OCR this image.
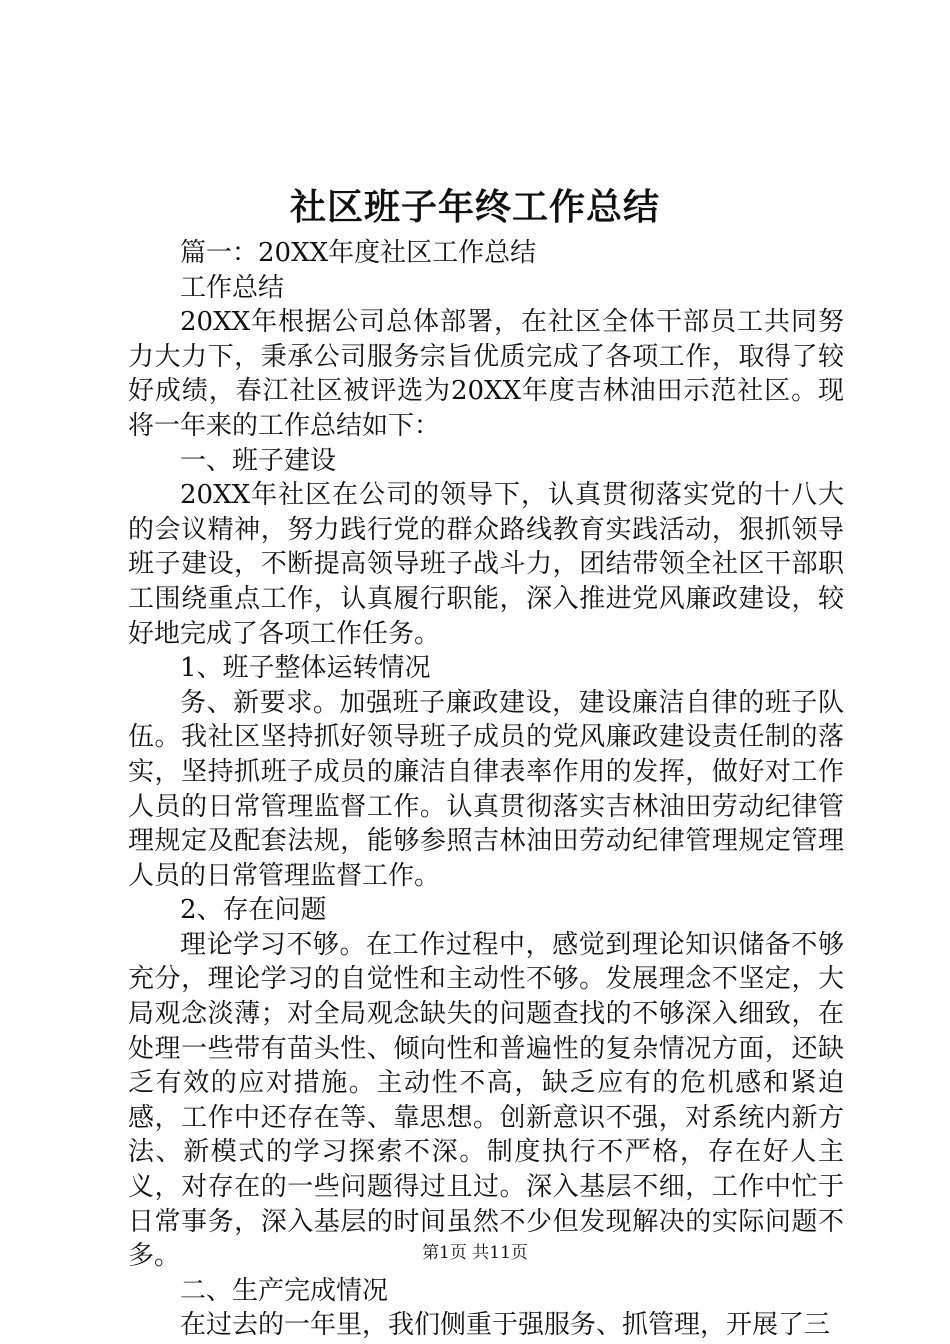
社区班子年终工作总结

篇一：20XX年度社区工作总结

工作总结

20XX年根据公司总体部署，在社区全体干部员工共同努力大力下，秉承公司服务宗旨优质完成了各项工作，取得了较好成绩，春江社区被评选为20XX年度吉林油田示范社区。现将一年来的工作总结如下：

一、班子建设

20XX年社区在公司的领导下，认真贯彻落实党的十八大的会议精神，努力践行党的群众路线教育实践活动，狠抓领导班子建设，不断提高领导班子战斗力，团结带领全社区干部职工围绕重点工作，认真履行职能，深入推进党风廉政建设，较好地完成了各项工作任务。

1、班子整体运转情况

务、新要求。加强班子廉政建设，建设廉洁自律的班子队伍。我社区坚持抓好领导班子成员的党风廉政建设责任制的落实，坚持抓班子成员的廉洁自律表率作用的发挥，做好对工作人员的日常管理监督工作。认真贯彻落实吉林油田劳动纪律管理规定及配套法规，能够参照吉林油田劳动纪律管理规定管理人员的日常管理监督工作。

2、存在问题

理论学习不够。在工作过程中，感觉到理论知识储备不够充分，理论学习的自觉性和主动性不够。发展理念不坚定，大局观念淡薄；对全局观念缺失的问题查找的不够深入细致，在处理一些带有苗头性、倾向性和普遍性的复杂情况方面，还缺乏有效的应对措施。主动性不高，缺乏应有的危机感和紧迫感，工作中还存在等、靠思想。创新意识不强，对系统内新方法、新模式的学习探索不深。制度执行不严格，存在好人主义，对存在的一些问题得过且过。深入基层不细，工作中忙于日常事务，深入基层的时间虽然不少但发现解决的实际问题不多。

二、生产完成情况

在过去的一年里，我们侧重于强服务、抓管理，开展了三

第1页 共11页
